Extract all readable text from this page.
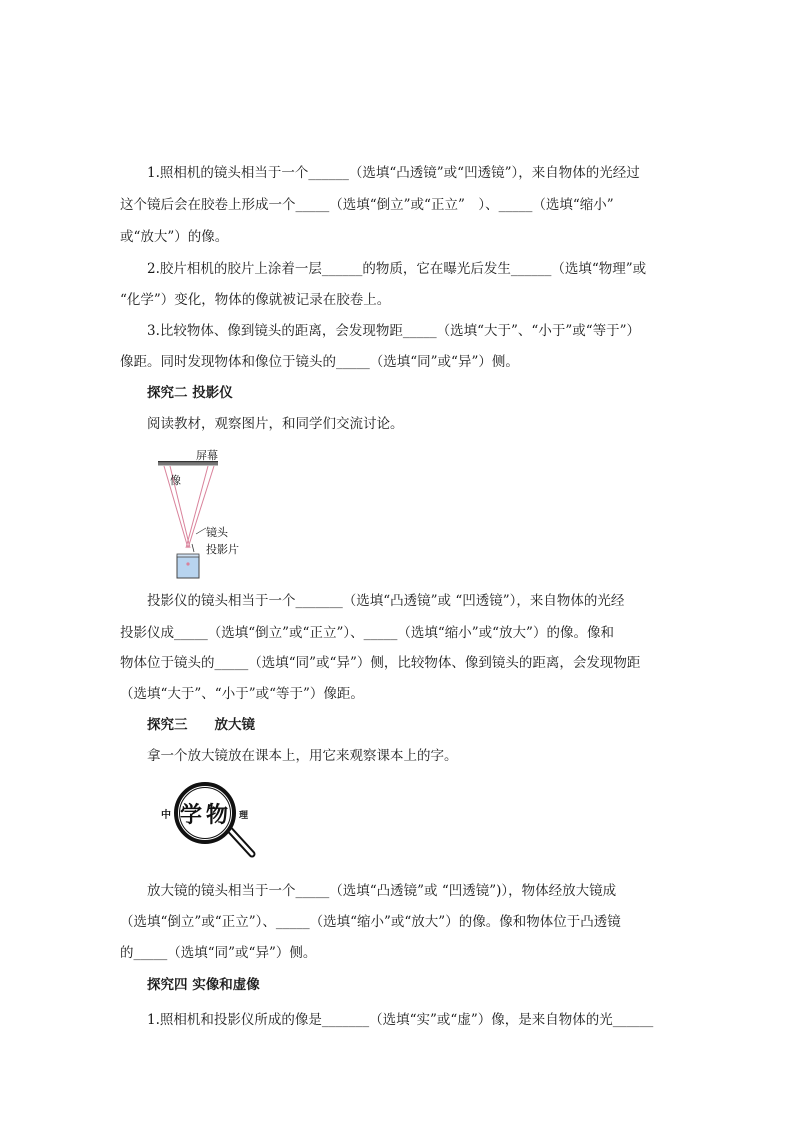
1.照相机的镜头相当于一个______（选填“凸透镜”或“凹透镜”），来自物体的光经过

这个镜后会在胶卷上形成一个_____（选填“倒立”或“正立”　）、_____（选填“缩小”

或“放大”）的像。

2.胶片相机的胶片上涂着一层______的物质，它在曝光后发生______（选填“物理”或

“化学”）变化，物体的像就被记录在胶卷上。

3.比较物体、像到镜头的距离，会发现物距_____（选填“大于”、“小于”或“等于”）

像距。同时发现物体和像位于镜头的_____（选填“同”或“异”）侧。

探究二 投影仪

阅读教材，观察图片，和同学们交流讨论。

屏幕
像
镜头
投影片

投影仪的镜头相当于一个_______（选填“凸透镜”或 “凹透镜”），来自物体的光经

投影仪成_____（选填“倒立”或“正立”）、_____（选填“缩小”或“放大”）的像。像和

物体位于镜头的_____（选填“同”或“异”）侧，比较物体、像到镜头的距离，会发现物距

（选填“大于”、“小于”或“等于”）像距。

探究三　　放大镜

拿一个放大镜放在课本上，用它来观察课本上的字。

中 学 物 理

放大镜的镜头相当于一个_____（选填“凸透镜”或 “凹透镜”)），物体经放大镜成

（选填“倒立”或“正立”）、_____（选填“缩小”或“放大”）的像。像和物体位于凸透镜

的_____（选填“同”或“异”）侧。

探究四 实像和虚像

1.照相机和投影仪所成的像是_______（选填“实”或“虚”）像，是来自物体的光______
